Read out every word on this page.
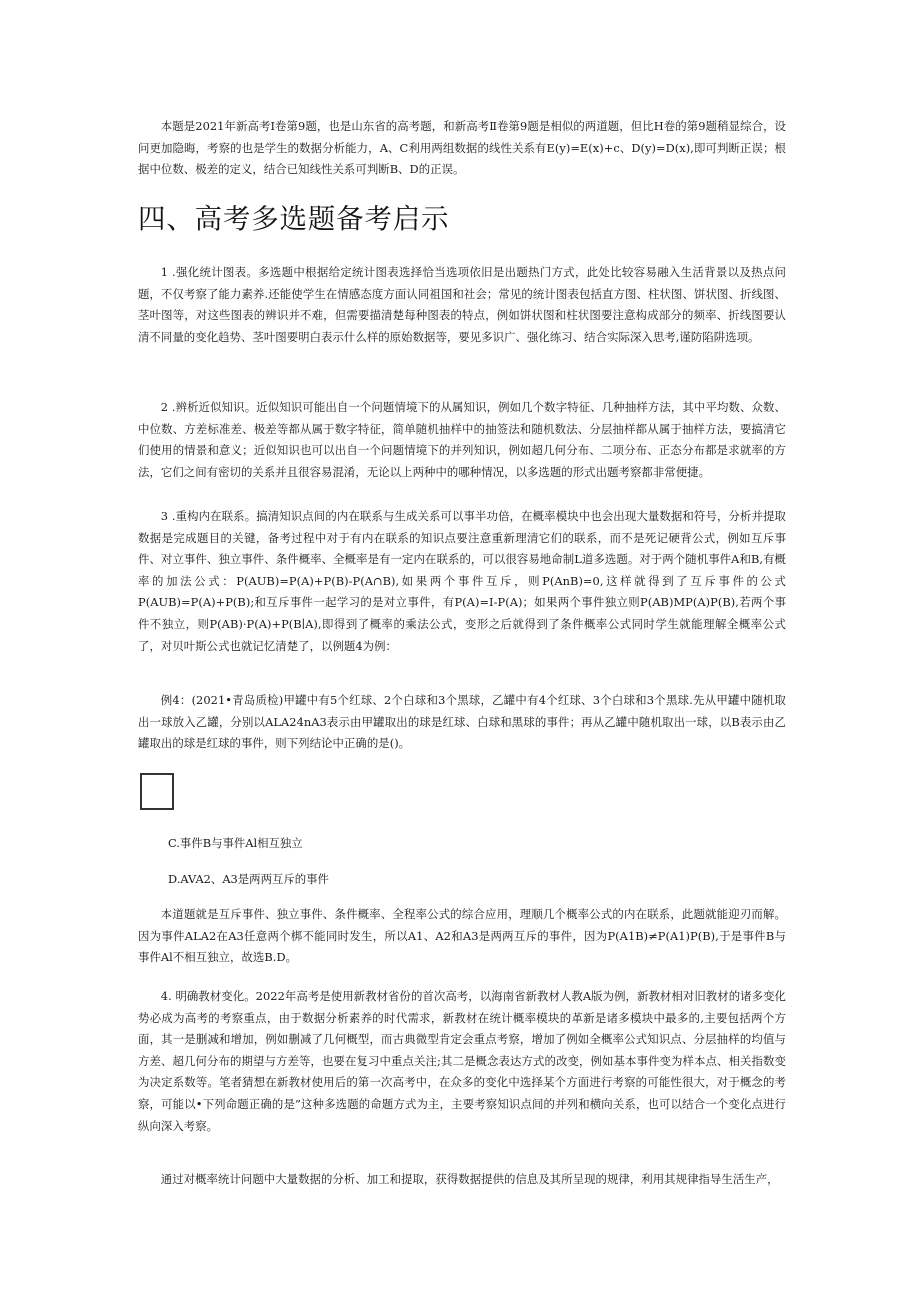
本题是2021年新高考Ⅰ卷第9题，也是山东省的高考题，和新高考Ⅱ卷第9题是相似的两道题，但比H卷的第9题稍显综合，设问更加隐晦，考察的也是学生的数据分析能力，A、C利用两组数据的线性关系有E(y)=E(x)+c、D(y)=D(x),即可判断正误；根据中位数、极差的定义，结合已知线性关系可判断B、D的正误。

四、高考多选题备考启示

1 .强化统计图表。多选题中根据给定统计图表选择恰当选项依旧是出题热门方式，此处比较容易融入生活背景以及热点问题，不仅考察了能力素养.还能使学生在情感态度方面认同祖国和社会；常见的统计图表包括直方图、柱状图、饼状图、折线图、茎叶图等，对这些图表的辨识并不难，但需要描清楚每种图表的特点，例如饼状图和柱状图要注意构成部分的频率、折线图要认清不同量的变化趋势、茎叶图要明白表示什么样的原始数据等，要见多识广、强化练习、结合实际深入思考,谨防陷阱选项。

2 .辨析近似知识。近似知识可能出自一个问题情境下的从属知识，例如几个数字特征、几种抽样方法，其中平均数、众数、中位数、方差标准差、极差等都从属于数字特征，简单随机抽样中的抽签法和随机数法、分层抽样都从属于抽样方法，要搞清它们使用的情景和意义；近似知识也可以出自一个问题情境下的并列知识，例如超几何分布、二项分布、正态分布都是求就率的方法，它们之间有密切的关系并且很容易混淆，无论以上两种中的哪种情况，以多选题的形式出题考察都非常便捷。

3 .重构内在联系。搞清知识点间的内在联系与生成关系可以事半功倍，在概率模块中也会出现大量数据和符号，分析并提取数据是完成题目的关键，备考过程中对于有内在联系的知识点要注意重新理清它们的联系，而不是死记硬背公式，例如互斥事件、对立事件、独立事件、条件概率、全概率是有一定内在联系的，可以很容易地命制L道多选题。对于两个随机事件A和B,有概率的加法公式：P(AUB)=P(A)+P(B)-P(A∩B),如果两个事件互斥，则P(AnB)=0,这样就得到了互斥事件的公式P(AUB)=P(A)+P(B);和互斥事件一起学习的是对立事件，有P(A)=I-P(A)；如果两个事件独立则P(AB)MP(A)P(B),若两个事件不独立，则P(AB)·P(A)+P(B∣A),即得到了概率的乘法公式，变形之后就得到了条件概率公式同时学生就能理解全概率公式了，对贝叶斯公式也就记忆清楚了，以例题4为例：

例4：(2021•青岛质检)甲罐中有5个红球、2个白球和3个黑球，乙罐中有4个红球、3个白球和3个黑球.先从甲罐中随机取出一球放入乙罐，分别以ALA24nA3表示由甲罐取出的球是红球、白球和黑球的事件；再从乙罐中随机取出一球，以B表示由乙罐取出的球是红球的事件，则下列结论中正确的是()。

C.事件B与事件Al相互独立

D.AVA2、A3是两两互斥的事件

本道题就是互斥事件、独立事件、条件概率、全程率公式的综合应用，理顺几个概率公式的内在联系，此题就能迎刃而解。因为事件ALA2在A3任意两个梆不能同时发生，所以A1、A2和A3是两两互斥的事件，因为P(A1B)≠P(A1)P(B),于是事件B与事件Al不相互独立，故选B.D。

4. 明确教材变化。2022年高考是使用新教材省份的首次高考，以海南省新教材人教A版为例，新教材相对旧教材的诸多变化势必成为高考的考察重点，由于数据分析素养的时代需求，新教材在统计概率模块的革新是诸多模块中最多的,主要包括两个方面，其一是删减和增加，例如删减了几何概型，而古典微型肯定会重点考察，增加了例如全概率公式知识点、分层抽样的均值与方差、超几何分布的期望与方差等，也要在复习中重点关注;其二是概念表达方式的改变，例如基本事件变为样本点、相关指数变为决定系数等。笔者猜想在新教材使用后的第一次高考中，在众多的变化中选择某个方面进行考察的可能性很大，对于概念的考察，可能以•下列命题正确的是”这种多选题的命题方式为主，主要考察知识点间的并列和横向关系，也可以结合一个变化点进行纵向深入考察。

通过对概率统计问题中大量数据的分析、加工和提取，获得数据提供的信息及其所呈现的规律，利用其规律指导生活生产，
